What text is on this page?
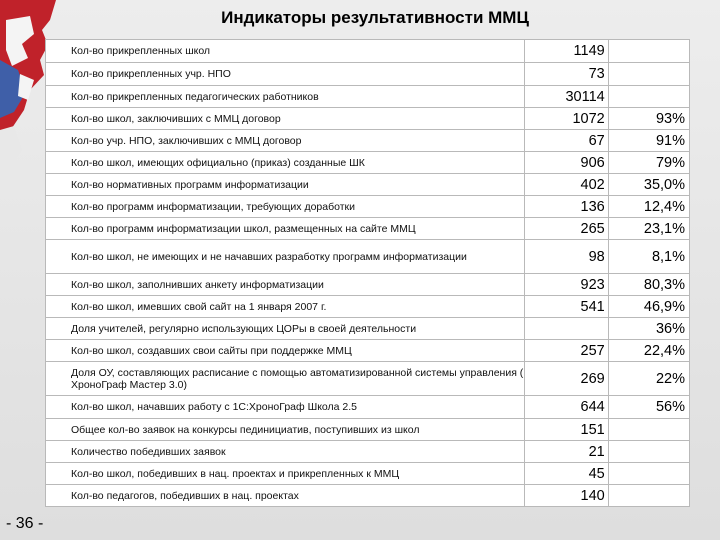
Индикаторы результативности ММЦ
Кол-во прикрепленных школ	1149	
Кол-во прикрепленных учр. НПО	73	
Кол-во прикрепленных педагогических работников	30114	
Кол-во школ, заключивших с ММЦ договор	1072	93%
Кол-во учр. НПО, заключивших с ММЦ договор	67	91%
Кол-во школ, имеющих официально (приказ) созданные ШК	906	79%
Кол-во нормативных программ информатизации	402	35,0%
Кол-во программ информатизации, требующих доработки	136	12,4%
Кол-во программ информатизации школ, размещенных на сайте ММЦ	265	23,1%
Кол-во школ, не имеющих и не начавших разработку программ информатизации	98	8,1%
Кол-во школ, заполнивших анкету информатизации	923	80,3%
Кол-во школ, имевших свой сайт на 1 января 2007 г.	541	46,9%
Доля учителей, регулярно использующих ЦОРы в своей деятельности		36%
Кол-во школ, создавших свои сайты при поддержке ММЦ	257	22,4%
Доля ОУ, составляющих расписание с помощью автоматизированной системы управления ( ХроноГраф Мастер 3.0)	269	22%
Кол-во школ, начавших работу с 1С:ХроноГраф Школа 2.5	644	56%
Общее кол-во заявок на конкурсы пединициатив, поступивших из школ	151	
Количество победивших заявок	21	
Кол-во школ, победивших в нац. проектах и прикрепленных к ММЦ	45	
Кол-во педагогов, победивших в нац. проектах	140	
- 36 -
